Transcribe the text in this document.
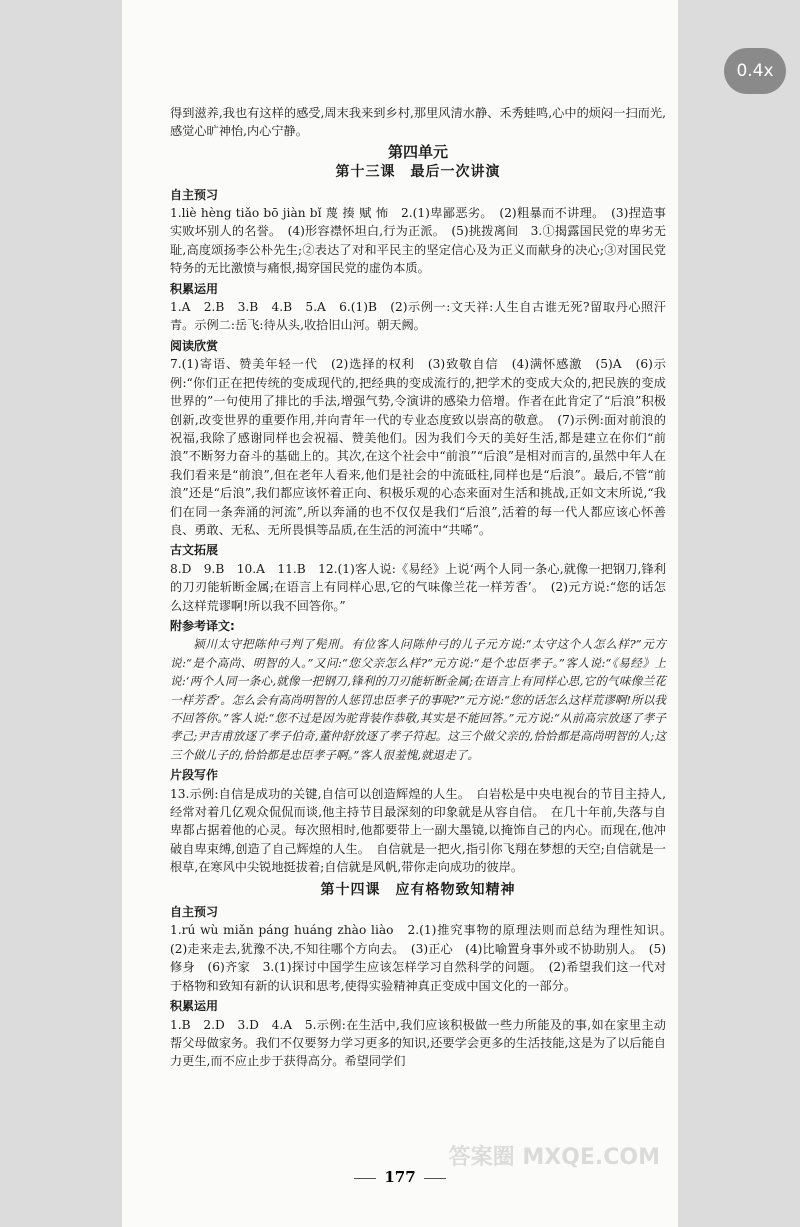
得到滋养,我也有这样的感受,周末我来到乡村,那里风清水静、禾秀蛙鸣,心中的烦闷一扫而光,感觉心旷神怡,内心宁静。

第四单元
第十三课　最后一次讲演
自主预习

1.liè hèng tiǎo bō jiàn bǐ 蔑 揍 赋 怖　2.(1)卑鄙恶劣。　(2)粗暴而不讲理。　(3)捏造事实败坏别人的名誉。　(4)形容襟怀坦白,行为正派。　(5)挑拨离间　3.①揭露国民党的卑劣无耻,高度颂扬李公朴先生;②表达了对和平民主的坚定信心及为正义而献身的决心;③对国民党特务的无比激愤与痛恨,揭穿国民党的虚伪本质。

积累运用

1.A　2.B　3.B　4.B　5.A　6.(1)B　(2)示例一:文天祥:人生自古谁无死?留取丹心照汗青。示例二:岳飞:待从头,收拾旧山河。朝天阙。

阅读欣赏

7.(1)寄语、赞美年轻一代　(2)选择的权利　(3)致敬自信　(4)满怀感激　(5)A　(6)示例:“你们正在把传统的变成现代的,把经典的变成流行的,把学术的变成大众的,把民族的变成世界的”一句使用了排比的手法,增强气势,令演讲的感染力倍增。作者在此肯定了“后浪”积极创新,改变世界的重要作用,并向青年一代的专业态度致以崇高的敬意。　(7)示例:面对前浪的祝福,我除了感谢同样也会祝福、赞美他们。因为我们今天的美好生活,都是建立在你们“前浪”不断努力奋斗的基础上的。其次,在这个社会中“前浪”“后浪”是相对而言的,虽然中年人在我们看来是“前浪”,但在老年人看来,他们是社会的中流砥柱,同样也是“后浪”。最后,不管“前浪”还是“后浪”,我们都应该怀着正向、积极乐观的心态来面对生活和挑战,正如文末所说,“我们在同一条奔涌的河流”,所以奔涌的也不仅仅是我们“后浪”,活着的每一代人都应该心怀善良、勇敢、无私、无所畏惧等品质,在生活的河流中“共唏”。

古文拓展

8.D　9.B　10.A　11.B　12.(1)客人说:《易经》上说‘两个人同一条心,就像一把钢刀,锋利的刀刃能斩断金属;在语言上有同样心思,它的气味像兰花一样芳香’。　(2)元方说:“您的话怎么这样荒谬啊!所以我不回答你。”

附参考译文:

颍川太守把陈仲弓判了髡刑。有位客人问陈仲弓的儿子元方说:“太守这个人怎么样?”元方说:“是个高尚、明智的人。”又问:“您父亲怎么样?”元方说:“是个忠臣孝子。”客人说:“《易经》上说:‘两个人同一条心,就像一把钢刀,锋利的刀刃能斩断金属;在语言上有同样心思,它的气味像兰花一样芳香’。怎么会有高尚明智的人惩罚忠臣孝子的事呢?”元方说:“您的话怎么这样荒谬啊!所以我不回答你。”客人说:“您不过是因为驼背装作恭敬,其实是不能回答。”元方说:“从前高宗放逐了孝子孝己;尹吉甫放逐了孝子伯奇,董仲舒放逐了孝子符起。这三个做父亲的,恰恰都是高尚明智的人;这三个做儿子的,恰恰都是忠臣孝子啊。”客人很羞愧,就退走了。

片段写作

13.示例:自信是成功的关键,自信可以创造辉煌的人生。　白岩松是中央电视台的节目主持人,经常对着几亿观众侃侃而谈,他主持节目最深刻的印象就是从容自信。　在几十年前,失落与自卑都占据着他的心灵。每次照相时,他都要带上一副大墨镜,以掩饰自己的内心。而现在,他冲破自卑束缚,创造了自己辉煌的人生。　自信就是一把火,指引你飞翔在梦想的天空;自信就是一根草,在寒风中尖锐地挺拔着;自信就是风帆,带你走向成功的彼岸。

第十四课　应有格物致知精神
自主预习

1.rú wù miǎn páng huáng zhào liào　2.(1)推究事物的原理法则而总结为理性知识。　(2)走来走去,犹豫不决,不知往哪个方向去。　(3)正心　(4)比喻置身事外或不协助别人。　(5)修身　(6)齐家　3.(1)探讨中国学生应该怎样学习自然科学的问题。　(2)希望我们这一代对于格物和致知有新的认识和思考,使得实验精神真正变成中国文化的一部分。

积累运用

1.B　2.D　3.D　4.A　5.示例:在生活中,我们应该积极做一些力所能及的事,如在家里主动帮父母做家务。我们不仅要努力学习更多的知识,还要学会更多的生活技能,这是为了以后能自力更生,而不应止步于获得高分。希望同学们

177
答案圈 MXQE.COM
0.4x
